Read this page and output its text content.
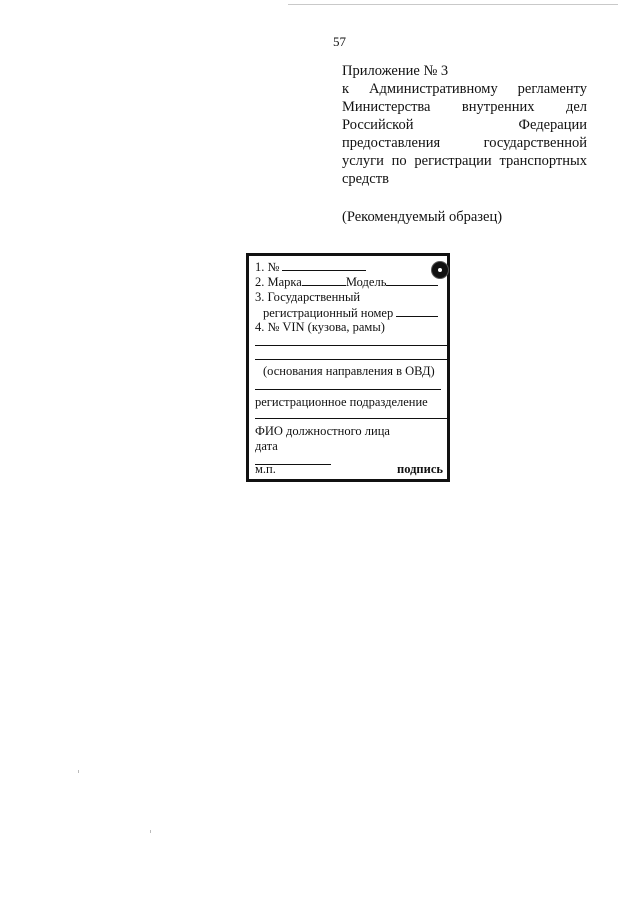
57
Приложение № 3
к Административному регламенту
Министерства внутренних дел
Российской Федерации
предоставления государственной
услуги по регистрации транспортных
средств
(Рекомендуемый образец)
1. №
2. Марка	Модель
3. Государственный
регистрационный номер
4. № VIN (кузова, рамы)
(основания направления в ОВД)
регистрационное подразделение
ФИО должностного лица
дата
м.п.	подпись
